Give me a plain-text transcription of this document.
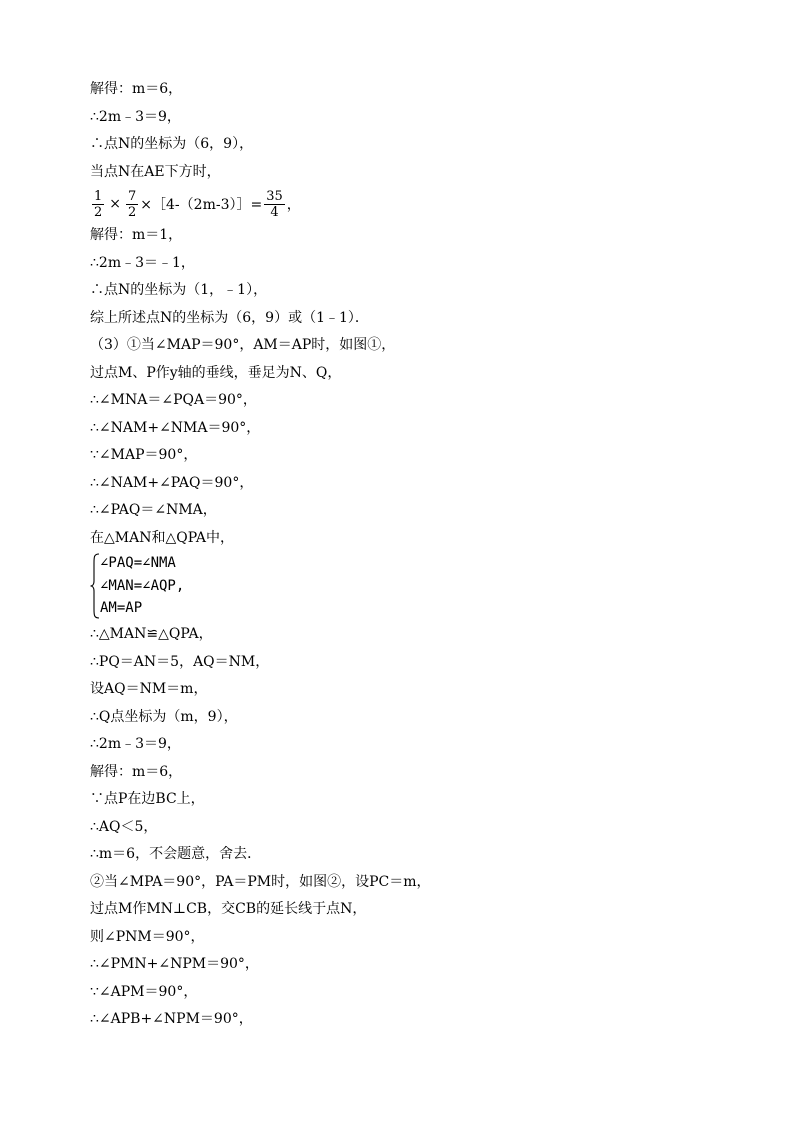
解得：m＝6，
∴2m﹣3＝9，
∴点N的坐标为（6，9），
当点N在AE下方时，
$\frac{1}{2} \times \frac{7}{2}$ ×［4-（2m-3）］= $\frac{35}{4}$ ，
解得：m＝1，
∴2m﹣3＝﹣1，
∴点N的坐标为（1，﹣1），
综上所述点N的坐标为（6，9）或（1﹣1）．
（3）①当∠MAP＝90°，AM＝AP时，如图①，
过点M、P作y轴的垂线，垂足为N、Q，
∴∠MNA＝∠PQA＝90°，
∴∠NAM+∠NMA＝90°，
∵∠MAP＝90°，
∴∠NAM+∠PAQ＝90°，
∴∠PAQ＝∠NMA，
在△MAN和△QPA中，
∠PAQ=∠NMA
∠MAN=∠AQP,
AM=AP
∴△MAN≌△QPA，
∴PQ＝AN＝5，AQ＝NM，
设AQ＝NM＝m，
∴Q点坐标为（m，9），
∴2m﹣3＝9，
解得：m＝6，
∵点P在边BC上，
∴AQ＜5，
∴m＝6，不会题意，舍去．
②当∠MPA＝90°，PA＝PM时，如图②，设PC＝m，
过点M作MN⊥CB，交CB的延长线于点N，
则∠PNM＝90°，
∴∠PMN+∠NPM＝90°，
∵∠APM＝90°，
∴∠APB+∠NPM＝90°，
